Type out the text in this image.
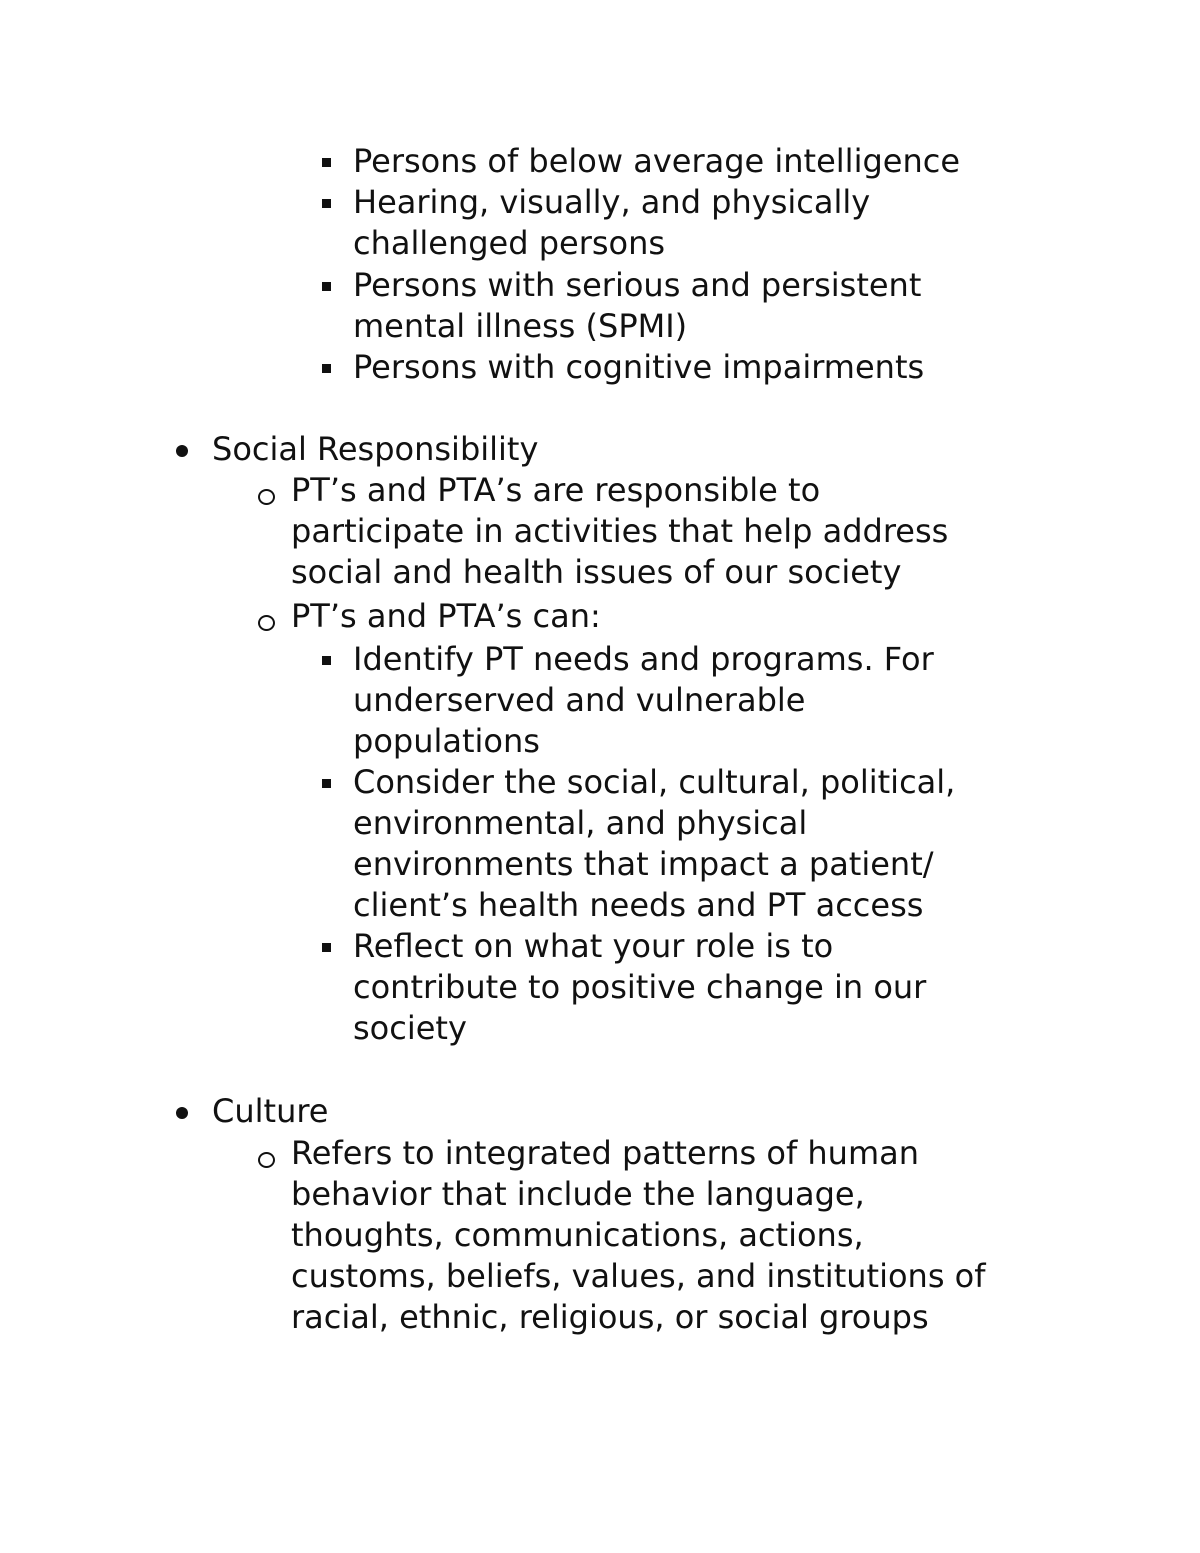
Persons of below average intelligence
Hearing, visually, and physically
challenged persons
Persons with serious and persistent
mental illness (SPMI)
Persons with cognitive impairments
Social Responsibility
PT’s and PTA’s are responsible to
participate in activities that help address
social and health issues of our society
PT’s and PTA’s can:
Identify PT needs and programs. For
underserved and vulnerable
populations
Consider the social, cultural, political,
environmental, and physical
environments that impact a patient/
client’s health needs and PT access
Reflect on what your role is to
contribute to positive change in our
society
Culture
Refers to integrated patterns of human
behavior that include the language,
thoughts, communications, actions,
customs, beliefs, values, and institutions of
racial, ethnic, religious, or social groups
